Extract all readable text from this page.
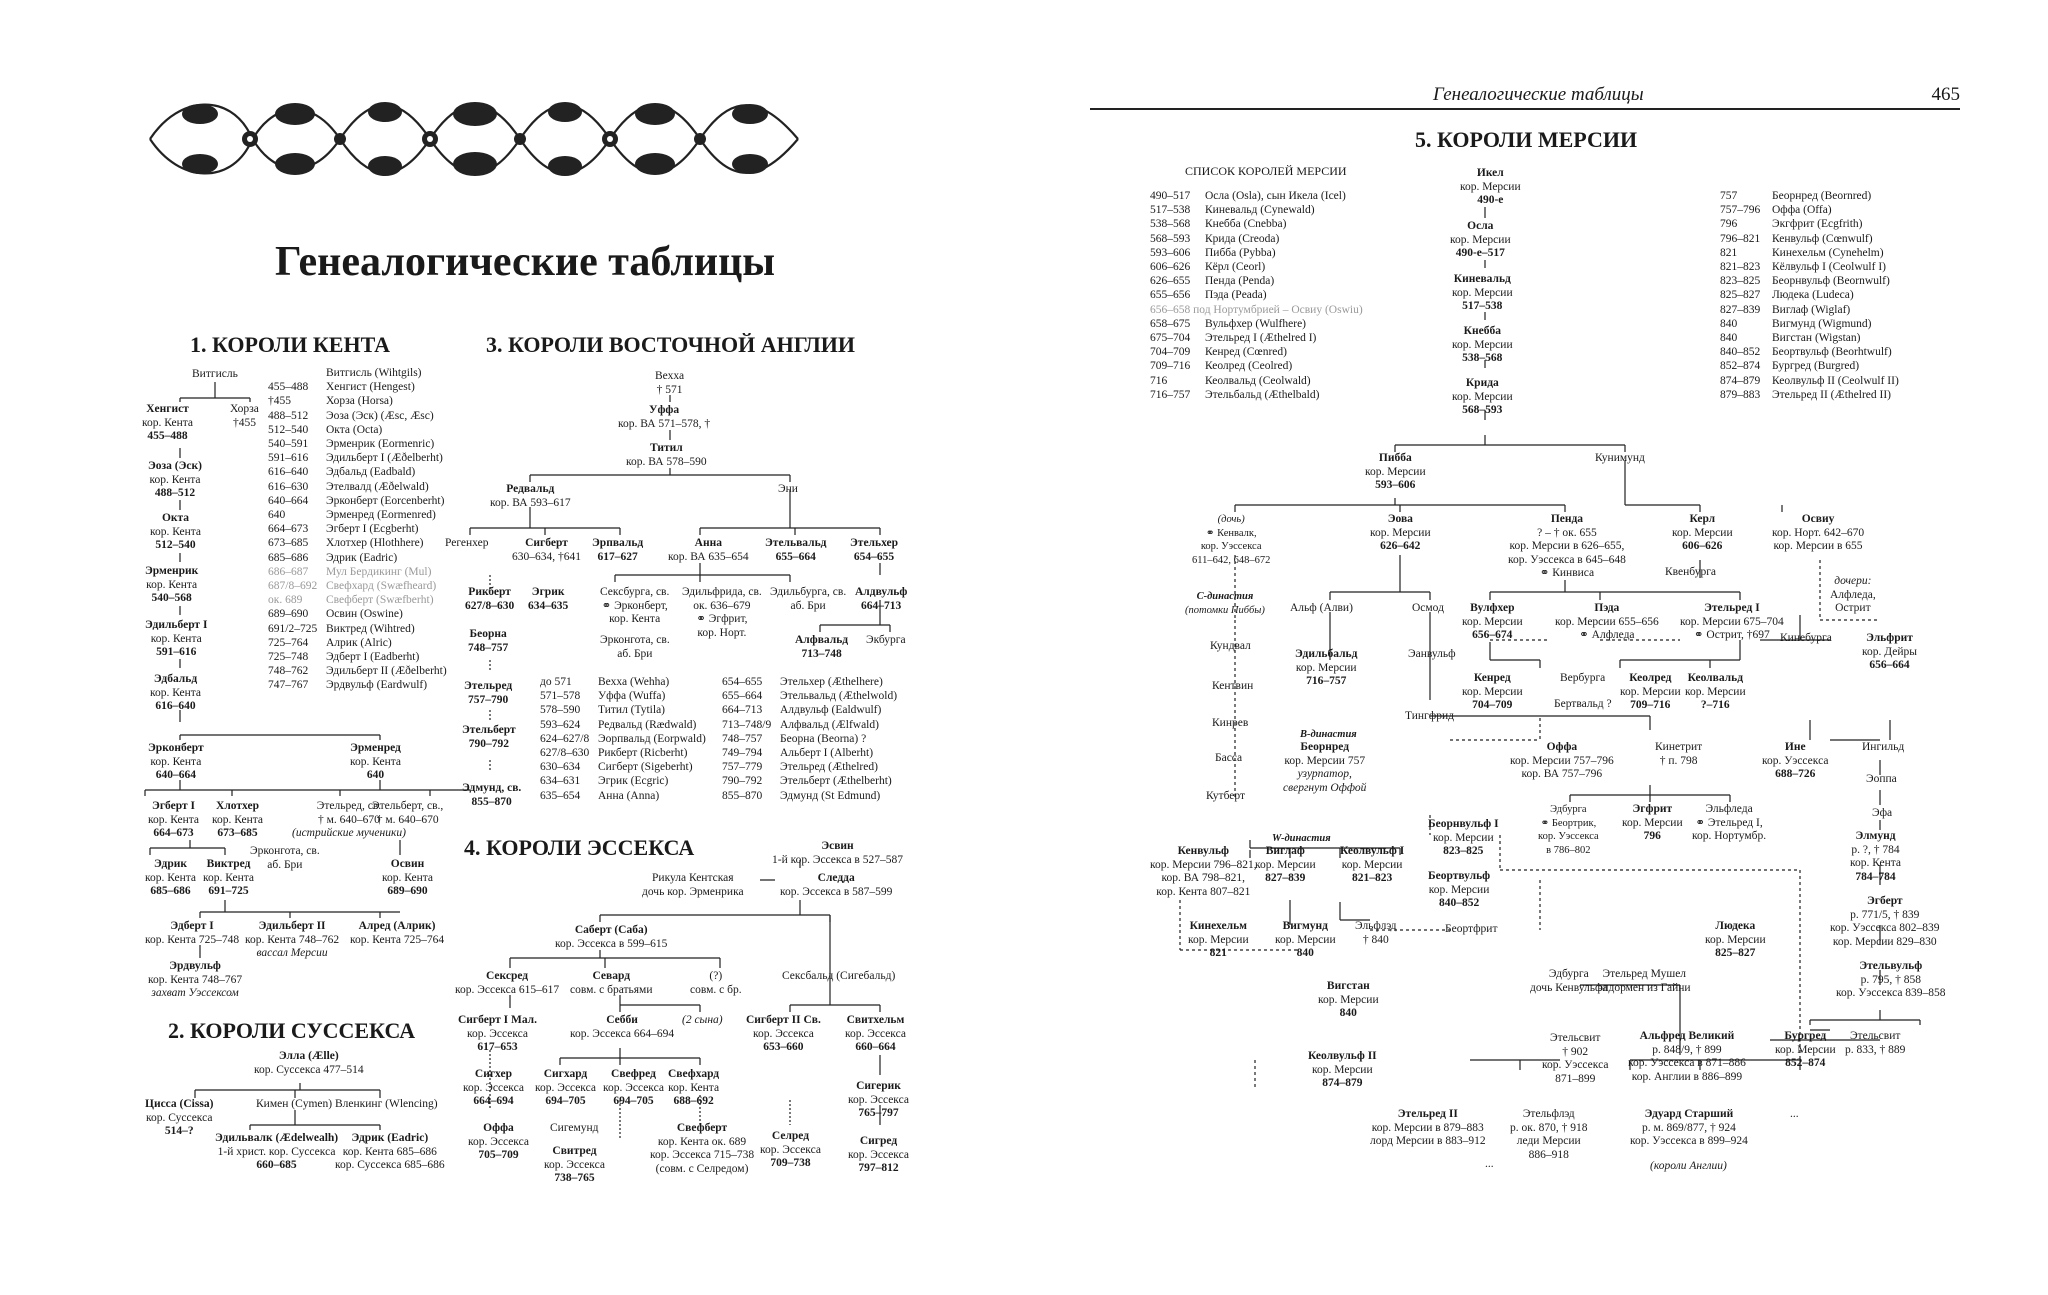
Генеалогические таблицы
1. КОРОЛИ КЕНТА
Витгисль
Хенгист
кор. Кента
455–488
Хорза
†455
Эоза (Эск)
кор. Кента
488–512
Окта
кор. Кента
512–540
Эрменрик
кор. Кента
540–568
Эдильберт I
кор. Кента
591–616
Эдбальд
кор. Кента
616–640
Эрконберт
кор. Кента
640–664
Эрменред
кор. Кента
640
Эгберт I
кор. Кента
664–673
Хлотхер
кор. Кента
673–685
Этельред, св.
† м. 640–670
(истрийские мученики)
Этельберт, св.,
† м. 640–670
Эрконгота, св.
аб. Бри
Эдрик
кор. Кента
685–686
Виктред
кор. Кента
691–725
Освин
кор. Кента
689–690
Эдберт I
кор. Кента 725–748
Эдильберт II
кор. Кента 748–762
вассал Мерсии
Алред (Алрик)
кор. Кента 725–764
Эрдвульф
кор. Кента 748–767
захват Уэссексом
Витгисль (Wihtgils)
455–488 Хенгист (Hengest)
†455	Хорза (Horsa)
488–512 Эоза (Эск) (Æsc, Æsc)
512–540 Окта (Octa)
540–591 Эрменрик (Eormenric)
591–616 Эдильберт I (Æðelberht)
616–640 Эдбальд (Eadbald)
616–630 Этелвалд (Æðelwald)
640–664 Эрконберт (Eorcenberht)
640	Эрменред (Eormenred)
664–673 Эгберт I (Ecgberht)
673–685 Хлотхер (Hlothhere)
685–686 Эдрик (Eadric)
686–687 Мул Бердикинг (Mul)
687/8–692 Свефхард (Swæfheard)
ок. 689 Свефберт (Swæfberht)
689–690 Освин (Oswine)
691/2–725 Виктред (Wihtred)
725–764 Алрик (Alric)
725–748 Эдберт I (Eadberht)
748–762 Эдильберт II (Æðelberht)
747–767 Эрдвульф (Eardwulf)
2. КОРОЛИ СУССЕКСА
Элла (Ælle)
кор. Суссекса 477–514
Цисса (Cissa)
кор. Суссекса
514–?
Кимен (Cymen) Вленкинг (Wlencing)
Эдильвалк (Ædelwealh)
1-й христ. кор. Суссекса
660–685
Эдрик (Eadric)
кор. Кента 685–686
кор. Суссекса 685–686
3. КОРОЛИ ВОСТОЧНОЙ АНГЛИИ
Вехха
† 571
Уффа
кор. ВА 571–578, †
Титил
кор. ВА 578–590
Редвальд
кор. ВА 593–617
Эни
Регенхер	Сигберт
630–634, †641
Эрпвальд
617–627
Анна
кор. ВА 635–654
Этельвальд
655–664
Этельхер
654–655
Рикберт
627/8–630
Эгрик
634–635
Сексбурга, св.
⚭ Эрконберт,
кор. Кента
Эдильфрида, св.
ок. 636–679
⚭ Эгфрит,
кор. Норт.
Эдильбурга, св.
аб. Бри
Эрконгота, св.
аб. Бри
Алдвульф
664–713
Алфвальд
713–748
Экбурга
Беорна
748–757
Этельред
757–790
Этельберт
790–792
Эдмунд, св.
855–870
до 571 Вехха (Wehha)
571–578 Уффа (Wuffa)
578–590 Титил (Tytila)
593–624 Редвальд (Rædwald)
624–627/8 Эорпвальд (Eorpwald)
627/8–630 Рикберт (Ricberht)
630–634 Сигберт (Sigeberht)
634–631 Эгрик (Ecgric)
635–654 Анна (Anna)
654–655 Этельхер (Æthelhere)
655–664 Этельвальд (Æthelwold)
664–713 Алдвульф (Ealdwulf)
713–748/9 Алфвальд (Ælfwald)
748–757 Беорна (Beorna) ?
749–794 Альберт I (Alberht)
757–779 Этельред (Æthelred)
790–792 Этельберт (Æthelberht)
855–870 Эдмунд (St Edmund)
4. КОРОЛИ ЭССЕКСА	Эсвин
1-й кор. Эссекса в 527–587
Рикула Кентская
дочь кор. Эрменрика
Следда
кор. Эссекса в 587–599
Саберт (Саба)
кор. Эссекса в 599–615
Сексбальд (Сигебальд)
Сексред
кор. Эссекса 615–617
Севард
совм. с братьями
(?)
совм. с бр.
Сигберт I Мал.
кор. Эссекса
617–653
Себби
кор. Эссекса 664–694
(2 сына) Сигберт II Св.
кор. Эссекса
653–660
Свитхельм
кор. Эссекса
660–664
Сигхер
кор. Эссекса
664–694
Сигхард
кор. Эссекса
694–705
Свефред
кор. Эссекса
694–705
Свефхард
кор. Кента
688–692
Сигерик
кор. Эссекса
765–797
Оффа
кор. Эссекса
705–709
Сигемунд
Свитред
кор. Эссекса
738–765
Свефберт
кор. Кента ок. 689
кор. Эссекса 715–738
(совм. с Селредом)
Селред
кор. Эссекса
709–738
Сигред
кор. Эссекса
797–812
Генеалогические таблицы	465
5. КОРОЛИ МЕРСИИ
СПИСОК КОРОЛЕЙ МЕРСИИ
490–517 Осла (Osla), сын Икела (Icel)
517–538 Киневальд (Cynewald)
538–568 Кнебба (Cnebba)
568–593 Крида (Creoda)
593–606 Пибба (Pybba)
606–626 Кёрл (Ceorl)
626–655 Пенда (Penda)
655–656 Пэда (Peada)
656–658 под Нортумбрией – Освиу (Oswiu)
658–675 Вульфхер (Wulfhere)
675–704 Этельред I (Æthelred I)
704–709 Кенред (Cœnred)
709–716 Кеолред (Ceolred)
716	Кеолвальд (Ceolwald)
716–757 Этельбальд (Æthelbald)
757	Беорнред (Beornred)
757–796 Оффа (Offa)
796	Экгфрит (Ecgfrith)
796–821 Кенвульф (Cœnwulf)
821	Кинехельм (Cynehelm)
821–823 Кёлвульф I (Ceolwulf I)
823–825 Беорнвульф (Beornwulf)
825–827 Людека (Ludeca)
827–839 Виглаф (Wiglaf)
840	Вигмунд (Wigmund)
840	Вигстан (Wigstan)
840–852 Беортвульф (Beorhtwulf)
852–874 Бургред (Burgred)
874–879 Кеолвульф II (Ceolwulf II)
879–883 Этельред II (Æthelred II)
Икел
кор. Мерсии
490-е
Осла
кор. Мерсии
490-е–517
Киневальд
кор. Мерсии
517–538
Кнебба
кор. Мерсии
538–568
Крида
кор. Мерсии
568–593
Пибба
кор. Мерсии
593–606
Кунимунд
(дочь)
⚭ Кенвалк,
кор. Уэссекса
611–642, 648–672
Эова
кор. Мерсии
626–642
Пенда
? – † ок. 655
кор. Мерсии в 626–655,
кор. Уэссекса в 645–648
⚭ Кинвиса
Керл
кор. Мерсии
606–626
Квенбурга
Освиу
кор. Норт. 642–670
кор. Мерсии в 655
дочери:
Алфледа,
Острит
С-династия
(потомки Пиббы) Альф (Алви)	Осмод	Вулфхер
кор. Мерсии
656–674
Пэда
кор. Мерсии 655–656
⚭ Алфледа
Этельред I
кор. Мерсии 675–704
⚭ Острит, †697 Кинебурга	Эльфрит
кор. Дейры
656–664
Кундвал
Эдильбальд
кор. Мерсии
716–757
Эанвульф
Кентвин
Кенред
кор. Мерсии
704–709
Вербурга
Бертвальд ?
Кеолред
кор. Мерсии
709–716
Кеолвальд
кор. Мерсии
?–716
Кинрев
Тингфрид
B-династия
Беорнред
кор. Мерсии 757
узурпатор,
свергнут Оффой
Оффа
кор. Мерсии 757–796
кор. ВА 757–796
Кинетрит
† п. 798
Ине
кор. Уэссекса
688–726
Ингильд
Басса
Эоппа
Кутберт
Эдбурга
⚭ Беортрик,
кор. Уэссекса
в 786–802
Эгфрит
кор. Мерсии
796
Эльфледа
⚭ Этельред I,
кор. Нортумбр.
Эфа
Беорнвульф I
кор. Мерсии
823–825
W-династия
Кенвульф
кор. Мерсии 796–821,
кор. ВА 798–821,
кор. Кента 807–821
Виглаф
кор. Мерсии
827–839
Кеолвульф I
кор. Мерсии
821–823
Элмунд
р. ?, † 784
кор. Кента
784–784
Беортвульф
кор. Мерсии
840–852	Эгберт
р. 771/5, † 839
кор. Уэссекса 802–839
кор. Мерсии 829–830
Кинехельм
кор. Мерсии
821
Вигмунд
кор. Мерсии
840
Эльфлэд
† 840
Беортфрит	Людека
кор. Мерсии
825–827
Этельвульф
р. 795, † 858
кор. Уэссекса 839–858
Эдбурга
дочь Кенвульфа
Этельред Мушел
элдормен из Гайни
Вигстан
кор. Мерсии
840
Этельсвит
† 902
кор. Уэссекса
871–899
Альфред Великий
р. 848/9, † 899
кор. Уэссекса в 871–886
кор. Англии в 886–899
Бургред
кор. Мерсии
852–874
Этельсвит
р. 833, † 889
Кеолвульф II
кор. Мерсии
874–879
Этельред II
кор. Мерсии в 879–883
лорд Мерсии в 883–912
Этельфлэд
р. ок. 870, † 918
леди Мерсии
886–918
Эдуард Старший
р. м. 869/877, † 924
кор. Уэссекса в 899–924
...
...	(короли Англии)
